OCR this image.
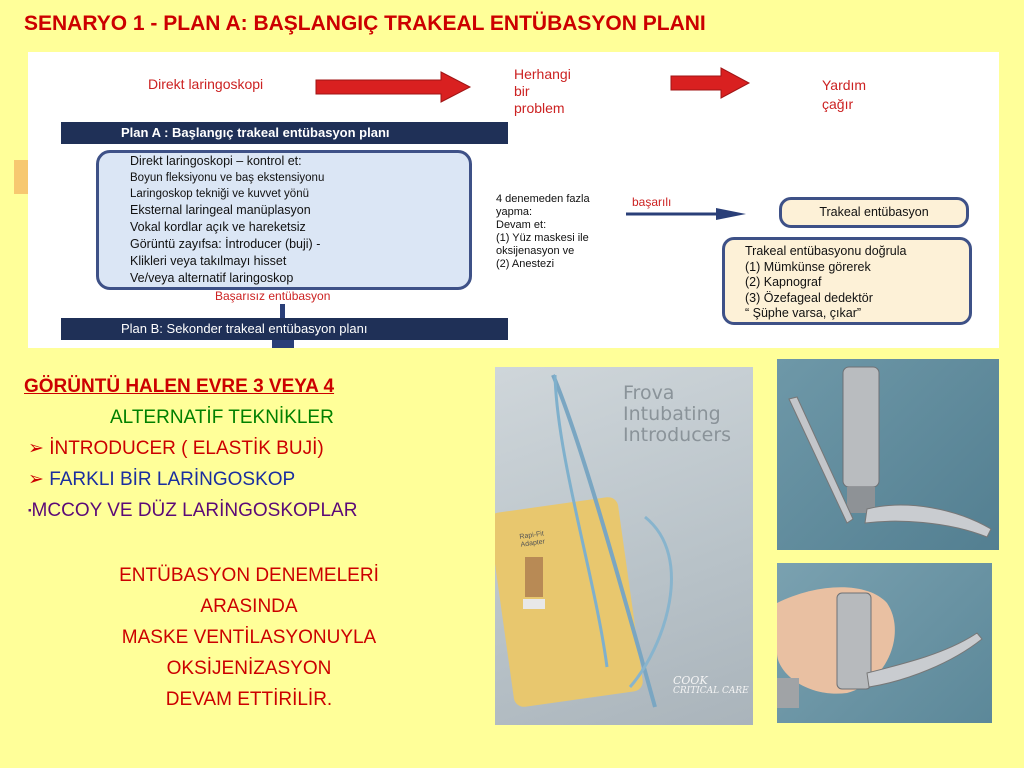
SENARYO 1 - PLAN A: BAŞLANGIÇ TRAKEAL ENTÜBASYON PLANI
Direkt laringoskopi
Herhangi
bir
problem
Yardım
çağır
Plan A : Başlangıç trakeal entübasyon planı
Direkt laringoskopi – kontrol et:
Boyun fleksiyonu ve baş ekstensiyonu
Laringoskop tekniği ve kuvvet yönü
Eksternal laringeal manüplasyon
Vokal kordlar açık ve hareketsiz
Görüntü zayıfsa: İntroducer (buji) -
Klikleri veya takılmayı hisset
Ve/veya alternatif laringoskop
Başarısız entübasyon
Plan B: Sekonder trakeal entübasyon planı
4 denemeden fazla
yapma:
Devam et:
(1) Yüz maskesi ile
oksijenasyon ve
(2) Anestezi
başarılı
Trakeal entübasyon
Trakeal entübasyonu doğrula
(1) Mümkünse görerek
(2) Kapnograf
(3) Özefageal dedektör
“ Şüphe varsa, çıkar”
GÖRÜNTÜ HALEN EVRE 3 VEYA 4
ALTERNATİF TEKNİKLER
➢ İNTRODUCER ( ELASTİK BUJİ)
➢ FARKLI BİR LARİNGOSKOP
▪MCCOY VE DÜZ LARİNGOSKOPLAR
ENTÜBASYON DENEMELERİ
ARASINDA
MASKE VENTİLASYONUYLA
OKSİJENİZASYON
DEVAM ETTİRİLİR.
Frova
Intubating
Introducers
Rapi-Fit
Adapter
COOK
CRITICAL CARE
